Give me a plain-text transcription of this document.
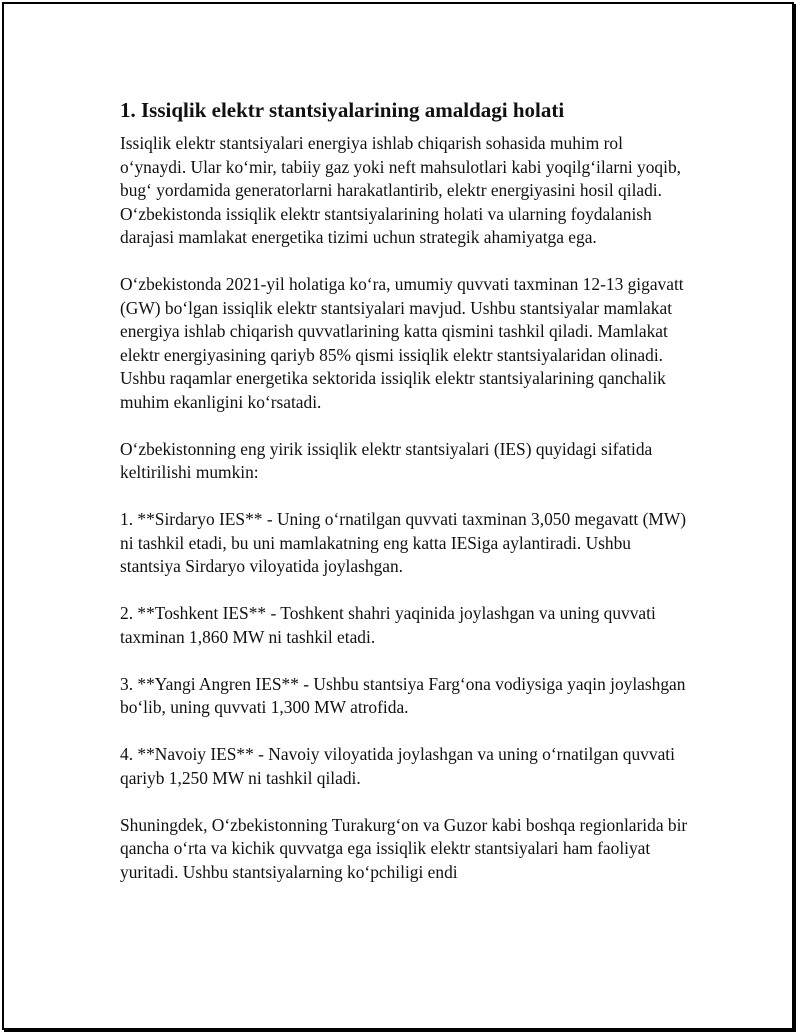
1. Issiqlik elektr stantsiyalarining amaldagi holati

Issiqlik elektr stantsiyalari energiya ishlab chiqarish sohasida muhim rol o‘ynaydi. Ular ko‘mir, tabiiy gaz yoki neft mahsulotlari kabi yoqilg‘ilarni yoqib, bug‘ yordamida generatorlarni harakatlantirib, elektr energiyasini hosil qiladi. O‘zbekistonda issiqlik elektr stantsiyalarining holati va ularning foydalanish darajasi mamlakat energetika tizimi uchun strategik ahamiyatga ega.

O‘zbekistonda 2021-yil holatiga ko‘ra, umumiy quvvati taxminan 12-13 gigavatt (GW) bo‘lgan issiqlik elektr stantsiyalari mavjud. Ushbu stantsiyalar mamlakat energiya ishlab chiqarish quvvatlarining katta qismini tashkil qiladi. Mamlakat elektr energiyasining qariyb 85% qismi issiqlik elektr stantsiyalaridan olinadi. Ushbu raqamlar energetika sektorida issiqlik elektr stantsiyalarining qanchalik muhim ekanligini ko‘rsatadi.

O‘zbekistonning eng yirik issiqlik elektr stantsiyalari (IES) quyidagi sifatida keltirilishi mumkin:

1. **Sirdaryo IES** - Uning o‘rnatilgan quvvati taxminan 3,050 megavatt (MW) ni tashkil etadi, bu uni mamlakatning eng katta IESiga aylantiradi. Ushbu stantsiya Sirdaryo viloyatida joylashgan.

2. **Toshkent IES** - Toshkent shahri yaqinida joylashgan va uning quvvati taxminan 1,860 MW ni tashkil etadi.

3. **Yangi Angren IES** - Ushbu stantsiya Farg‘ona vodiysiga yaqin joylashgan bo‘lib, uning quvvati 1,300 MW atrofida.

4. **Navoiy IES** - Navoiy viloyatida joylashgan va uning o‘rnatilgan quvvati qariyb 1,250 MW ni tashkil qiladi.

Shuningdek, O‘zbekistonning Turakurg‘on va Guzor kabi boshqa regionlarida bir qancha o‘rta va kichik quvvatga ega issiqlik elektr stantsiyalari ham faoliyat yuritadi. Ushbu stantsiyalarning ko‘pchiligi endi
